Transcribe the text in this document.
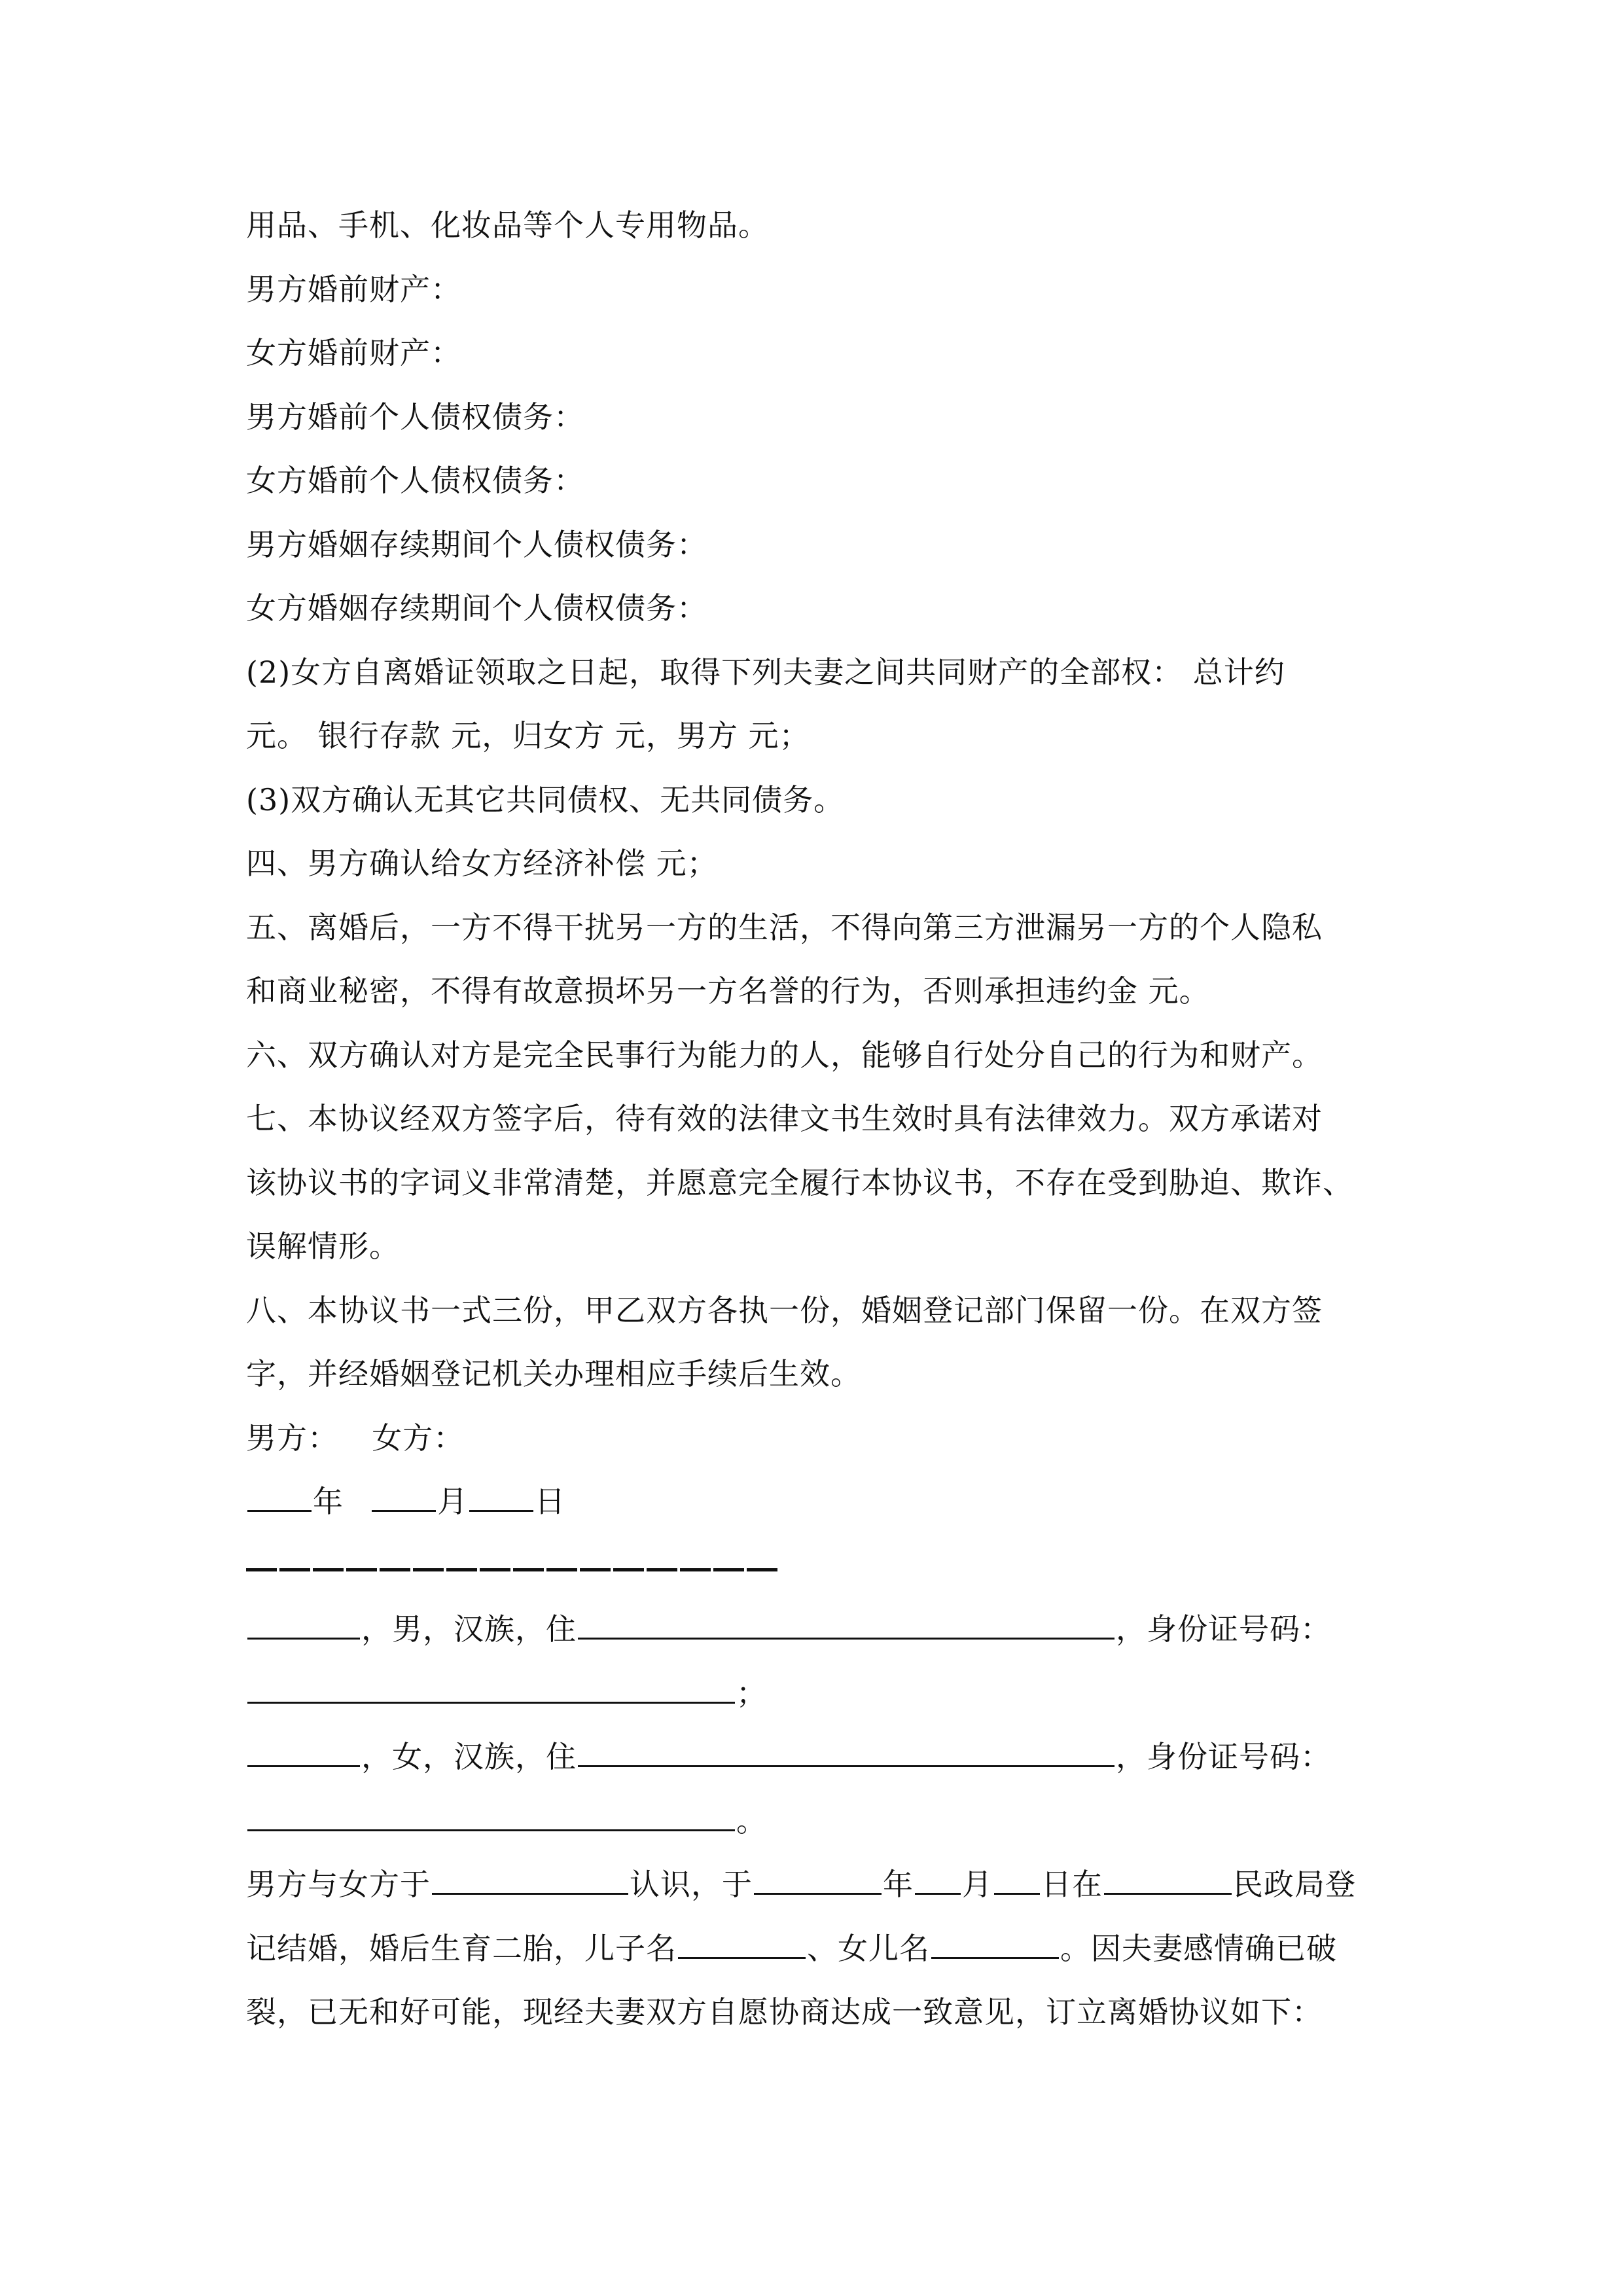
用品、手机、化妆品等个人专用物品。
男方婚前财产：
女方婚前财产：
男方婚前个人债权债务：
女方婚前个人债权债务：
男方婚姻存续期间个人债权债务：
女方婚姻存续期间个人债权债务：
(2)女方自离婚证领取之日起，取得下列夫妻之间共同财产的全部权： 总计约
元。 银行存款 元，归女方 元，男方 元；
(3)双方确认无其它共同债权、无共同债务。
四、男方确认给女方经济补偿 元；
五、离婚后，一方不得干扰另一方的生活，不得向第三方泄漏另一方的个人隐私
和商业秘密，不得有故意损坏另一方名誉的行为，否则承担违约金 元。
六、双方确认对方是完全民事行为能力的人，能够自行处分自己的行为和财产。
七、本协议经双方签字后，待有效的法律文书生效时具有法律效力。双方承诺对
该协议书的字词义非常清楚，并愿意完全履行本协议书，不存在受到胁迫、欺诈、
误解情形。
八、本协议书一式三份，甲乙双方各执一份，婚姻登记部门保留一份。在双方签
字，并经婚姻登记机关办理相应手续后生效。
男方： 女方：
年	月 日
，男，汉族，住	，身份证号码：
；
，女，汉族，住	，身份证号码：
。
男方与女方于	认识，于	年 月 日在	民政局登
记结婚，婚后生育二胎，儿子名	、女儿名	。因夫妻感情确已破
裂，已无和好可能，现经夫妻双方自愿协商达成一致意见，订立离婚协议如下：
